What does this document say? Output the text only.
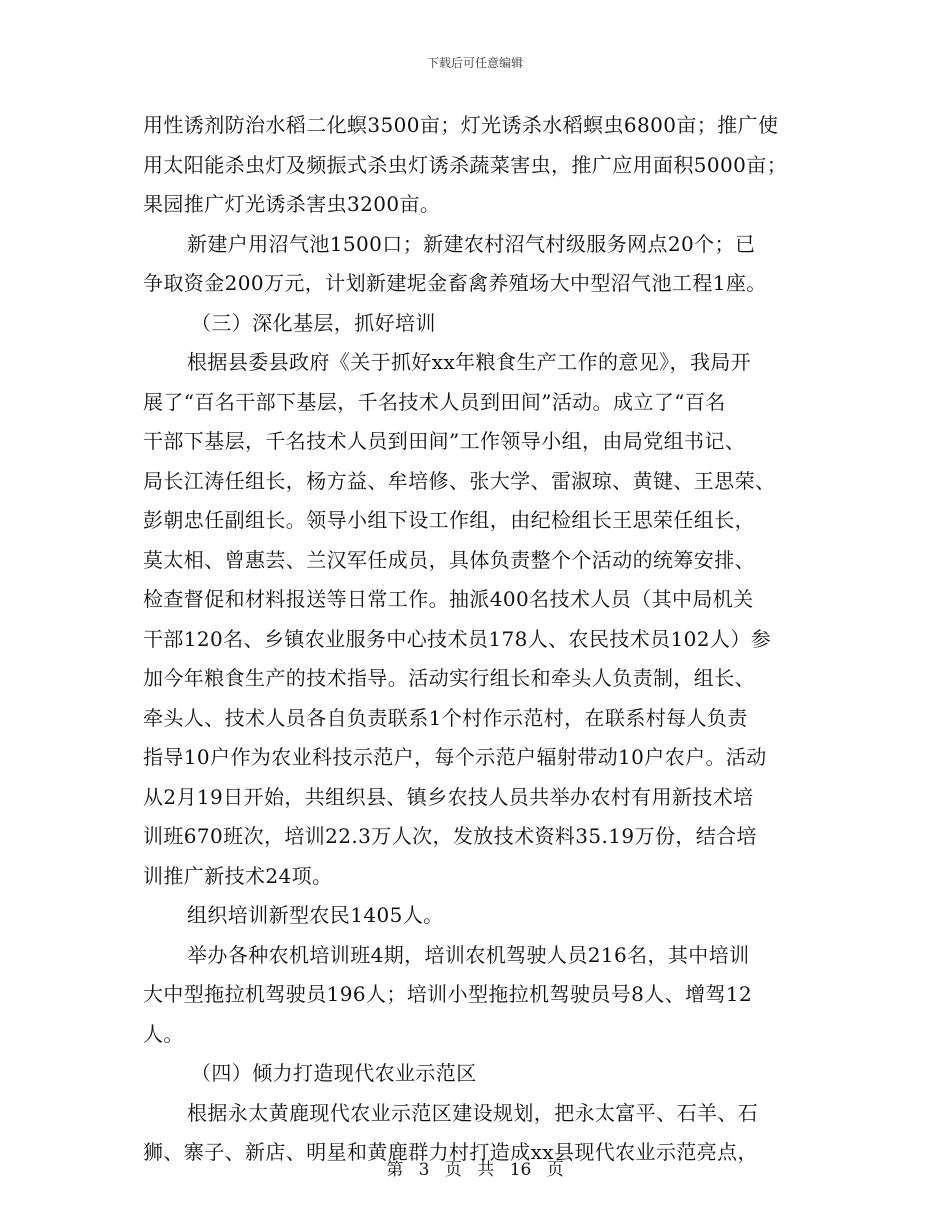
下载后可任意编辑
用性诱剂防治水稻二化螟3500亩；灯光诱杀水稻螟虫6800亩；推广使
用太阳能杀虫灯及频振式杀虫灯诱杀蔬菜害虫，推广应用面积5000亩；
果园推广灯光诱杀害虫3200亩。
新建户用沼气池1500口；新建农村沼气村级服务网点20个；已
争取资金200万元，计划新建坭金畜禽养殖场大中型沼气池工程1座。
（三）深化基层，抓好培训
根据县委县政府《关于抓好xx年粮食生产工作的意见》，我局开
展了“百名干部下基层，千名技术人员到田间”活动。成立了“百名
干部下基层，千名技术人员到田间”工作领导小组，由局党组书记、
局长江涛任组长，杨方益、牟培修、张大学、雷淑琼、黄键、王思荣、
彭朝忠任副组长。领导小组下设工作组，由纪检组长王思荣任组长，
莫太相、曾惠芸、兰汉军任成员，具体负责整个个活动的统筹安排、
检查督促和材料报送等日常工作。抽派400名技术人员（其中局机关
干部120名、乡镇农业服务中心技术员178人、农民技术员102人）参
加今年粮食生产的技术指导。活动实行组长和牵头人负责制，组长、
牵头人、技术人员各自负责联系1个村作示范村，在联系村每人负责
指导10户作为农业科技示范户，每个示范户辐射带动10户农户。活动
从2月19日开始，共组织县、镇乡农技人员共举办农村有用新技术培
训班670班次，培训22.3万人次，发放技术资料35.19万份，结合培
训推广新技术24项。
组织培训新型农民1405人。
举办各种农机培训班4期，培训农机驾驶人员216名，其中培训
大中型拖拉机驾驶员196人；培训小型拖拉机驾驶员号8人、增驾12
人。
（四）倾力打造现代农业示范区
根据永太黄鹿现代农业示范区建设规划，把永太富平、石羊、石
狮、寨子、新店、明星和黄鹿群力村打造成xx县现代农业示范亮点，
第 3 页 共 16 页
